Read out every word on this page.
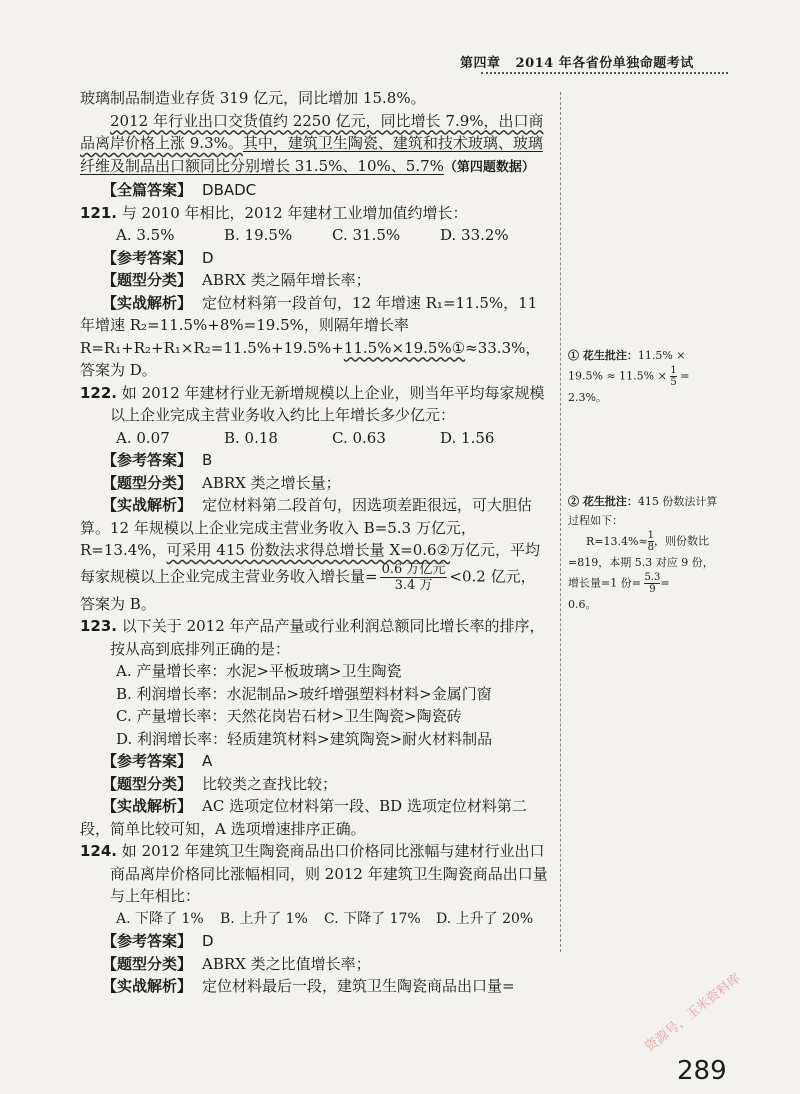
第四章 2014 年各省份单独命题考试

玻璃制品制造业存货 319 亿元，同比增加 15.8%。

2012 年行业出口交货值约 2250 亿元，同比增长 7.9%，出口商品离岸价格上涨 9.3%。其中，建筑卫生陶瓷、建筑和技术玻璃、玻璃纤维及制品出口额同比分别增长 31.5%、10%、5.7%（第四题数据）

【全篇答案】 DBADC

121. 与 2010 年相比，2012 年建材工业增加值约增长：

A. 3.5%	B. 19.5%	C. 31.5%	D. 33.2%

【参考答案】 D

【题型分类】 ABRX 类之隔年增长率；

【实战解析】 定位材料第一段首句，12 年增速 R₁=11.5%，11 年增速 R₂=11.5%+8%=19.5%，则隔年增长率 R=R₁+R₂+R₁×R₂=11.5%+19.5%+11.5%×19.5%①≈33.3%，答案为 D。

122. 如 2012 年建材行业无新增规模以上企业，则当年平均每家规模以上企业完成主营业务收入约比上年增长多少亿元：

A. 0.07	B. 0.18	C. 0.63	D. 1.56

【参考答案】 B

【题型分类】 ABRX 类之增长量；

【实战解析】 定位材料第二段首句，因选项差距很远，可大胆估算。12 年规模以上企业完成主营业务收入 B=5.3 万亿元，R=13.4%，可采用 415 份数法求得总增长量 X=0.6②万亿元，平均每家规模以上企业完成主营业务收入增长量= $\frac{\text{0.6 万亿元}}{\text{3.4 万}} <0.2$ 亿元，答案为 B。

123. 以下关于 2012 年产品产量或行业利润总额同比增长率的排序，按从高到底排列正确的是：

A. 产量增长率：水泥>平板玻璃>卫生陶瓷

B. 利润增长率：水泥制品>玻纤增强塑料材料>金属门窗

C. 产量增长率：天然花岗岩石材>卫生陶瓷>陶瓷砖

D. 利润增长率：轻质建筑材料>建筑陶瓷>耐火材料制品

【参考答案】 A

【题型分类】 比较类之查找比较；

【实战解析】 AC 选项定位材料第一段、BD 选项定位材料第二段，简单比较可知，A 选项增速排序正确。

124. 如 2012 年建筑卫生陶瓷商品出口价格同比涨幅与建材行业出口商品离岸价格同比涨幅相同，则 2012 年建筑卫生陶瓷商品出口量与上年相比：

A. 下降了 1%	B. 上升了 1%	C. 下降了 17%	D. 上升了 20%

【参考答案】 D

【题型分类】 ABRX 类之比值增长率；

【实战解析】 定位材料最后一段，建筑卫生陶瓷商品出口量=

① 花生批注：$11.5\% \times 19.5\% \approx 11.5\% \times \frac{1}{5}$ =
2.3%。
② 花生批注：415 份数法计算过程如下：
$R=13.4\%\approx \frac{1}{8}$，则份数比=819，本期 5.3 对应 9 份，增长量=1 份= $\frac{5.3}{9}=$
0.6。
289
资源号，玉米资料库
